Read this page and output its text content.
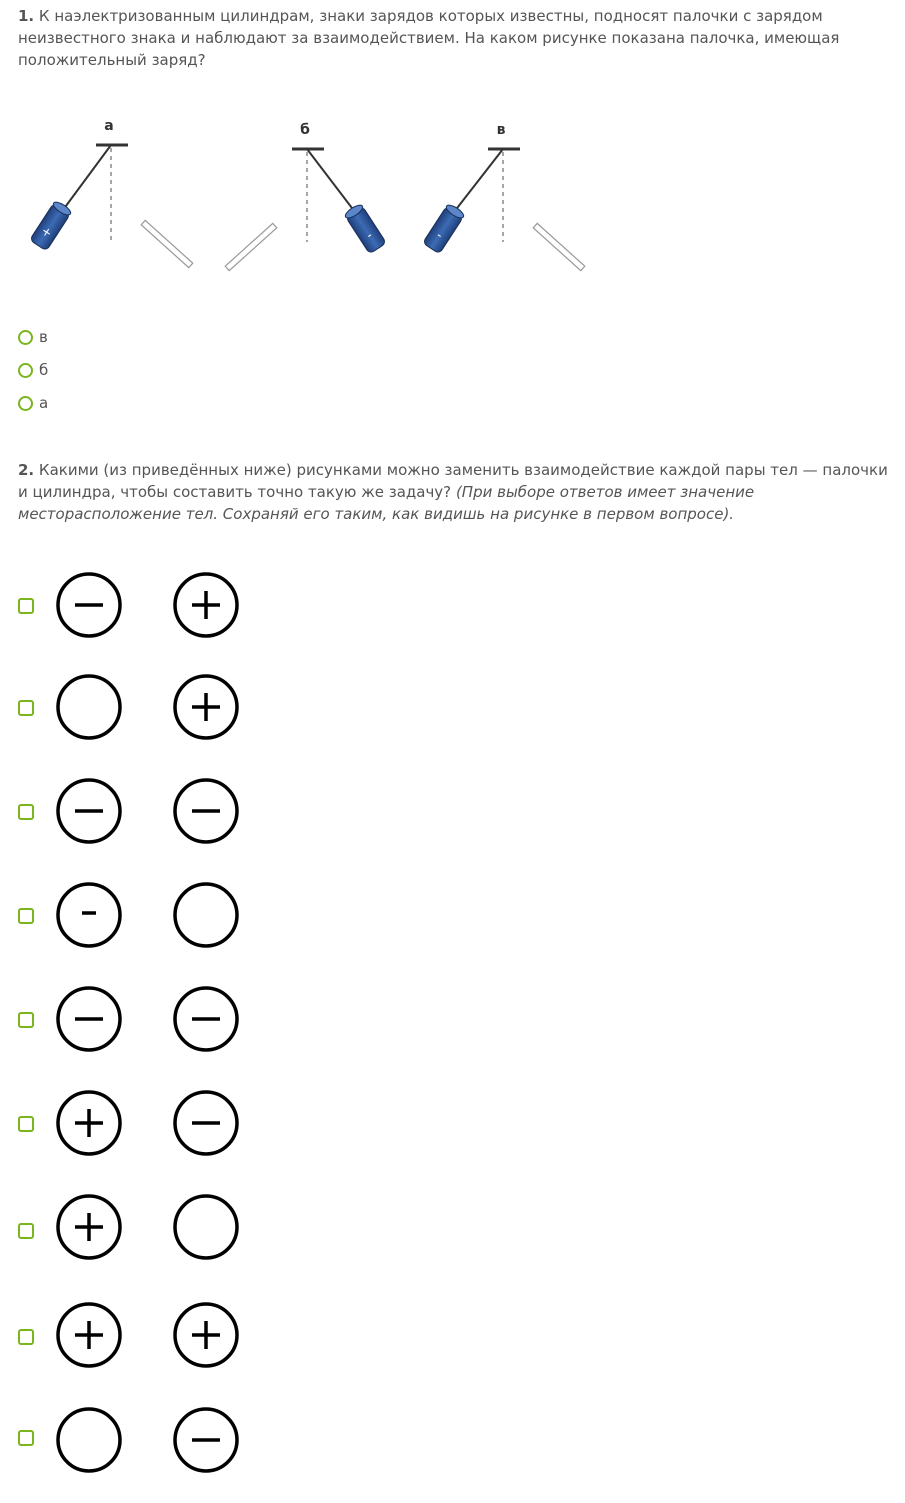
1. К наэлектризованным цилиндрам, знаки зарядов которых известны, подносят палочки с зарядом неизвестного знака и наблюдают за взаимодействием. На каком рисунке показана палочка, имеющая положительный заряд?
а
+
б
-
в
-
в
б
а
2. Какими (из приведённых ниже) рисунками можно заменить взаимодействие каждой пары тел — палочки и цилиндра, чтобы составить точно такую же задачу? (При выборе ответов имеет значение месторасположение тел. Сохраняй его таким, как видишь на рисунке в первом вопросе).
